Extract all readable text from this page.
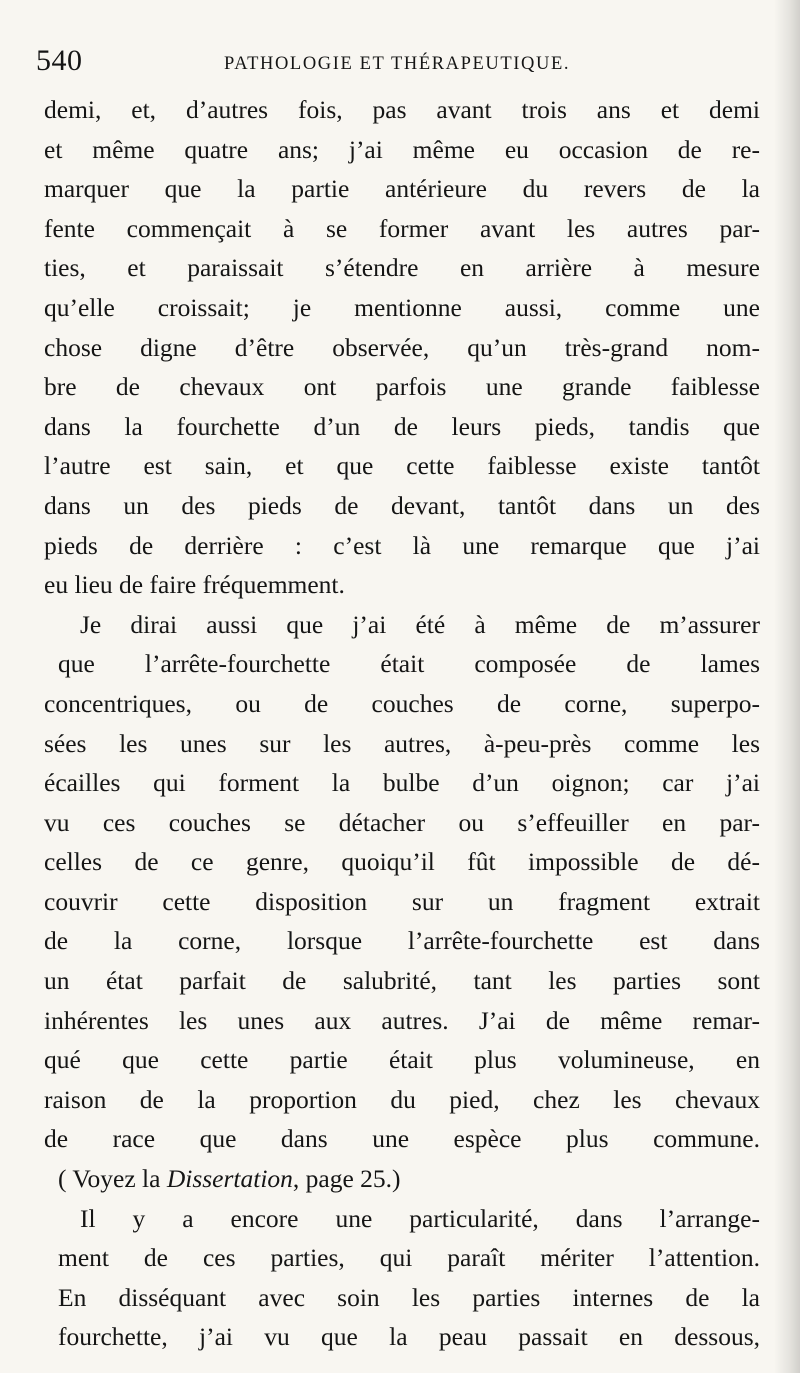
540	PATHOLOGIE ET THÉRAPEUTIQUE.
demi, et, d’autres fois, pas avant trois ans et demi
et même quatre ans; j’ai même eu occasion de re-
marquer que la partie antérieure du revers de la
fente commençait à se former avant les autres par-
ties, et paraissait s’étendre en arrière à mesure
qu’elle croissait; je mentionne aussi, comme une
chose digne d’être observée, qu’un très-grand nom-
bre de chevaux ont parfois une grande faiblesse
dans la fourchette d’un de leurs pieds, tandis que
l’autre est sain, et que cette faiblesse existe tantôt
dans un des pieds de devant, tantôt dans un des
pieds de derrière : c’est là une remarque que j’ai
eu lieu de faire fréquemment.
Je dirai aussi que j’ai été à même de m’assurer
que l’arrête-fourchette était composée de lames
concentriques, ou de couches de corne, superpo-
sées les unes sur les autres, à-peu-près comme les
écailles qui forment la bulbe d’un oignon; car j’ai
vu ces couches se détacher ou s’effeuiller en par-
celles de ce genre, quoiqu’il fût impossible de dé-
couvrir cette disposition sur un fragment extrait
de la corne, lorsque l’arrête-fourchette est dans
un état parfait de salubrité, tant les parties sont
inhérentes les unes aux autres. J’ai de même remar-
qué que cette partie était plus volumineuse, en
raison de la proportion du pied, chez les chevaux
de race que dans une espèce plus commune.
( Voyez la Dissertation, page 25.)
Il y a encore une particularité, dans l’arrange-
ment de ces parties, qui paraît mériter l’attention.
En disséquant avec soin les parties internes de la
fourchette, j’ai vu que la peau passait en dessous,
